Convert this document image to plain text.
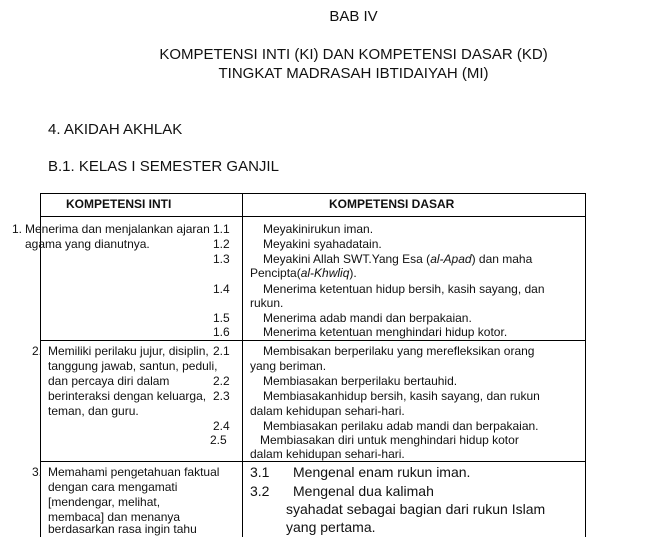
BAB IV
KOMPETENSI INTI (KI) DAN KOMPETENSI DASAR (KD)
TINGKAT MADRASAH IBTIDAIYAH (MI)
4. AKIDAH AKHLAK
B.1. KELAS I SEMESTER GANJIL
KOMPETENSI INTI	KOMPETENSI DASAR
1. Menerima dan menjalankan ajaran
agama yang dianutnya.
1.1	Meyakinirukun iman.
1.2	Meyakini syahadatain.
1.3	Meyakini Allah SWT.Yang Esa (al-Apad) dan maha
Pencipta(al-Khwliq).
1.4	Menerima ketentuan hidup bersih, kasih sayang, dan
rukun.
1.5	Menerima adab mandi dan berpakaian.
1.6	Menerima ketentuan menghindari hidup kotor.
2. Memiliki perilaku jujur, disiplin,
tanggung jawab, santun, peduli,
dan percaya diri dalam
berinteraksi dengan keluarga,
teman, dan guru.
2.1	Membisakan berperilaku yang merefleksikan orang
yang beriman.
2.2	Membiasakan berperilaku bertauhid.
2.3	Membiasakanhidup bersih, kasih sayang, dan rukun
dalam kehidupan sehari-hari.
2.4	Membiasakan perilaku adab mandi dan berpakaian.
2.5	Membiasakan diri untuk menghindari hidup kotor
dalam kehidupan sehari-hari.
3. Memahami pengetahuan faktual
dengan cara mengamati
[mendengar, melihat,
membaca] dan menanya
berdasarkan rasa ingin tahu
3.1 Mengenal enam rukun iman.
3.2 Mengenal dua kalimah
syahadat sebagai bagian dari rukun Islam
yang pertama.
